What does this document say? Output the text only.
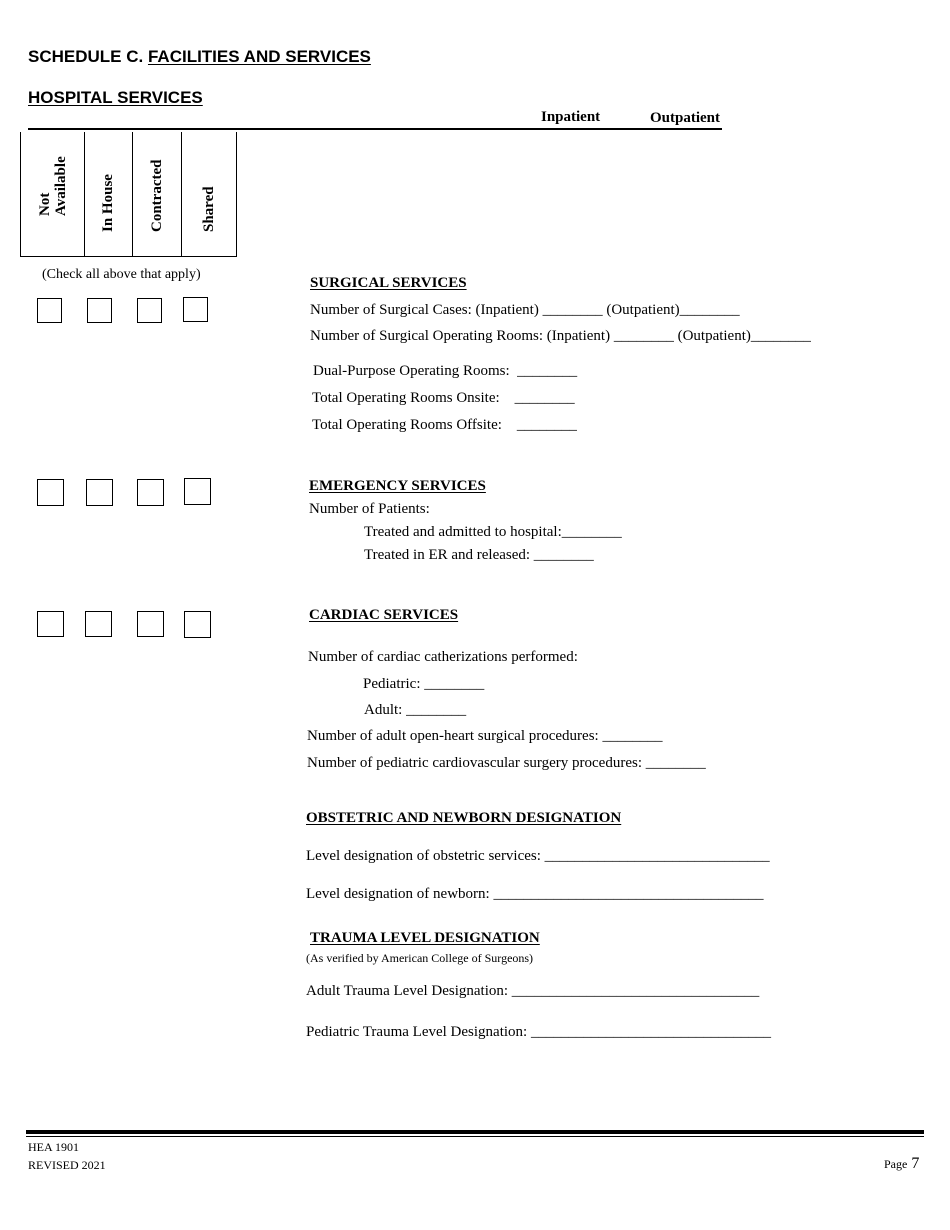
SCHEDULE C. FACILITIES AND SERVICES
HOSPITAL SERVICES
Inpatient	Outpatient
Not
Available In House Contracted Shared
(Check all above that apply)
SURGICAL SERVICES
Number of Surgical Cases: (Inpatient) ________ (Outpatient)________
Number of Surgical Operating Rooms: (Inpatient) ________ (Outpatient)________
Dual-Purpose Operating Rooms:  ________
Total Operating Rooms Onsite:    ________
Total Operating Rooms Offsite:    ________
EMERGENCY SERVICES
Number of Patients:
Treated and admitted to hospital:________
Treated in ER and released: ________
CARDIAC SERVICES
Number of cardiac catherizations performed:
Pediatric: ________
Adult: ________
Number of adult open-heart surgical procedures: ________
Number of pediatric cardiovascular surgery procedures: ________
OBSTETRIC AND NEWBORN DESIGNATION
Level designation of obstetric services: ______________________________
Level designation of newborn: ____________________________________
TRAUMA LEVEL DESIGNATION
(As verified by American College of Surgeons)
Adult Trauma Level Designation: _________________________________
Pediatric Trauma Level Designation: ________________________________
HEA 1901
REVISED 2021	Page 7
